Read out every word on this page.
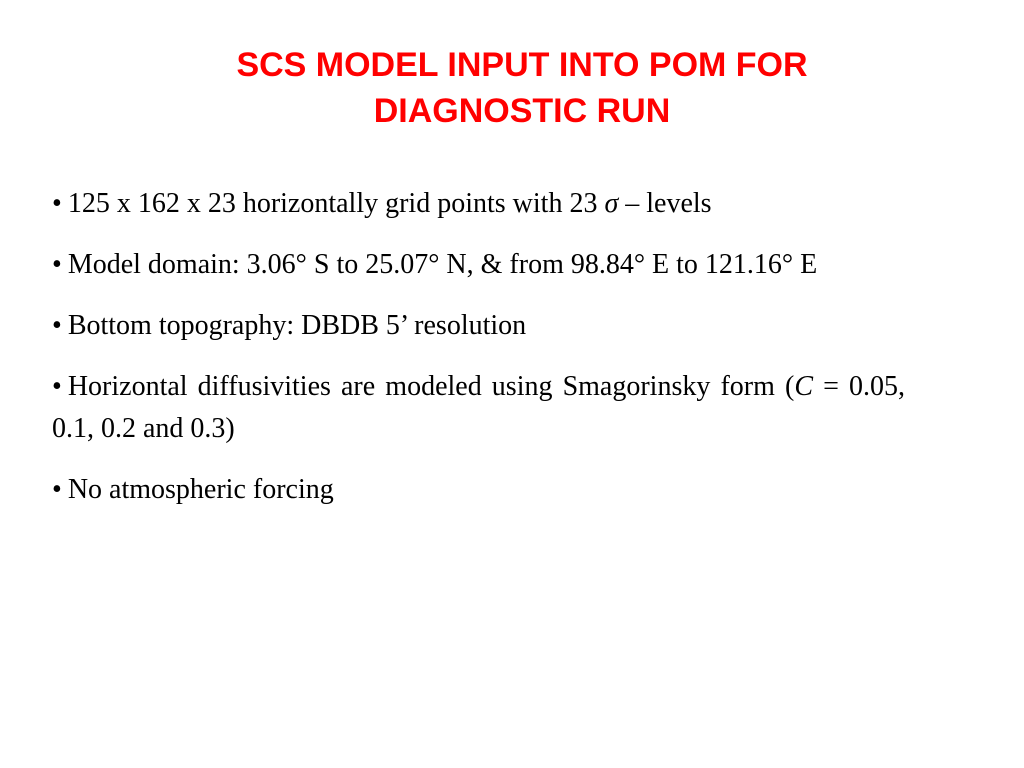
SCS MODEL INPUT INTO POM FOR
DIAGNOSTIC RUN

• 125 x 162 x 23 horizontally grid points with 23 σ – levels

• Model domain: 3.06° S to 25.07° N, & from 98.84° E to 121.16° E

• Bottom topography: DBDB 5’ resolution

• Horizontal diffusivities are modeled using Smagorinsky form (C = 0.05, 0.1, 0.2 and 0.3)

• No atmospheric forcing
